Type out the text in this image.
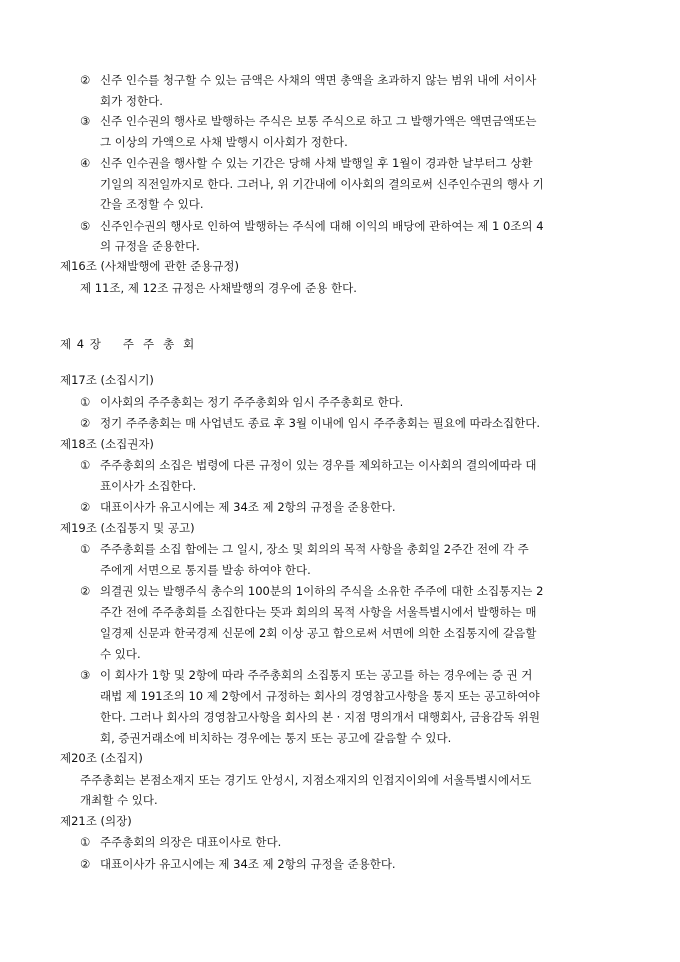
② 신주 인수를 청구할 수 있는 금액은 사채의 액면 총액을 초과하지 않는 범위 내에 서이사
회가 정한다.
③ 신주 인수권의 행사로 발행하는 주식은 보통 주식으로 하고 그 발행가액은 액면금액또는
그 이상의 가액으로 사채 발행시 이사회가 정한다.
④ 신주 인수권을 행사할 수 있는 기간은 당해 사채 발행일 후 1월이 경과한 날부터그 상환
기일의 직전일까지로 한다. 그러나, 위 기간내에 이사회의 결의로써 신주인수권의 행사 기
간을 조정할 수 있다.
⑤ 신주인수권의 행사로 인하여 발행하는 주식에 대해 이익의 배당에 관하여는 제 1 0조의 4
의 규정을 준용한다.
제16조 (사채발행에 관한 준용규정)
제 11조, 제 12조 규정은 사채발행의 경우에 준용 한다.
제 4 장 주주총회
제17조 (소집시기)
① 이사회의 주주총회는 정기 주주총회와 임시 주주총회로 한다.
② 정기 주주총회는 매 사업년도 종료 후 3월 이내에 임시 주주총회는 필요에 따라소집한다.
제18조 (소집권자)
① 주주총회의 소집은 법령에 다른 규정이 있는 경우를 제외하고는 이사회의 결의에따라 대
표이사가 소집한다.
② 대표이사가 유고시에는 제 34조 제 2항의 규정을 준용한다.
제19조 (소집통지 및 공고)
① 주주총회를 소집 함에는 그 일시, 장소 및 회의의 목적 사항을 총회일 2주간 전에 각 주
주에게 서면으로 통지를 발송 하여야 한다.
② 의결권 있는 발행주식 총수의 100분의 1이하의 주식을 소유한 주주에 대한 소집통지는 2
주간 전에 주주총회를 소집한다는 뜻과 회의의 목적 사항을 서울특별시에서 발행하는 매
일경제 신문과 한국경제 신문에 2회 이상 공고 함으로써 서면에 의한 소집통지에 갈음할
수 있다.
③ 이 회사가 1항 및 2항에 따라 주주총회의 소집통지 또는 공고를 하는 경우에는 증 권 거
래법 제 191조의 10 제 2항에서 규정하는 회사의 경영참고사항을 통지 또는 공고하여야
한다. 그러나 회사의 경영참고사항을 회사의 본 · 지점 명의개서 대행회사, 금융감독 위원
회, 증권거래소에 비치하는 경우에는 통지 또는 공고에 갈음할 수 있다.
제20조 (소집지)
주주총회는 본점소재지 또는 경기도 안성시, 지점소재지의 인접지이외에 서울특별시에서도
개최할 수 있다.
제21조 (의장)
① 주주총회의 의장은 대표이사로 한다.
② 대표이사가 유고시에는 제 34조 제 2항의 규정을 준용한다.
